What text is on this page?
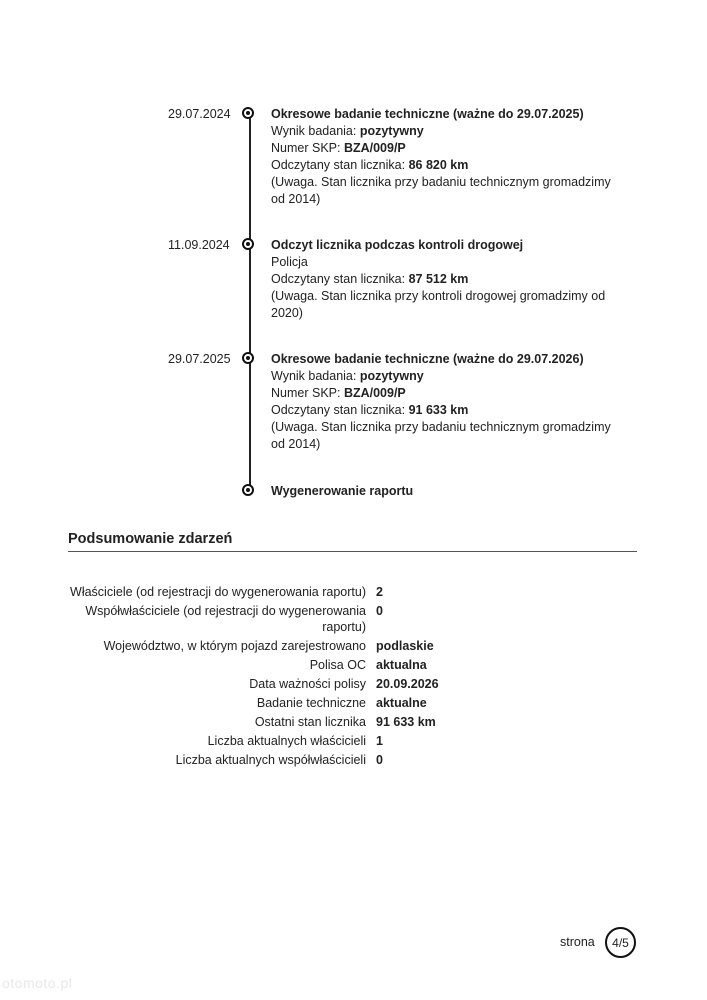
29.07.2024	Okresowe badanie techniczne (ważne do 29.07.2025)
Wynik badania: pozytywny
Numer SKP: BZA/009/P
Odczytany stan licznika: 86 820 km
(Uwaga. Stan licznika przy badaniu technicznym gromadzimy od 2014)
11.09.2024	Odczyt licznika podczas kontroli drogowej
Policja
Odczytany stan licznika: 87 512 km
(Uwaga. Stan licznika przy kontroli drogowej gromadzimy od 2020)
29.07.2025	Okresowe badanie techniczne (ważne do 29.07.2026)
Wynik badania: pozytywny
Numer SKP: BZA/009/P
Odczytany stan licznika: 91 633 km
(Uwaga. Stan licznika przy badaniu technicznym gromadzimy od 2014)
Wygenerowanie raportu
Podsumowanie zdarzeń
Właściciele (od rejestracji do wygenerowania raportu) 2
Współwłaściciele (od rejestracji do wygenerowania raportu)
0
Województwo, w którym pojazd zarejestrowano podlaskie
Polisa OC aktualna
Data ważności polisy 20.09.2026
Badanie techniczne aktualne
Ostatni stan licznika 91 633 km
Liczba aktualnych właścicieli 1
Liczba aktualnych współwłaścicieli 0
strona 4/5
otomoto.pl
